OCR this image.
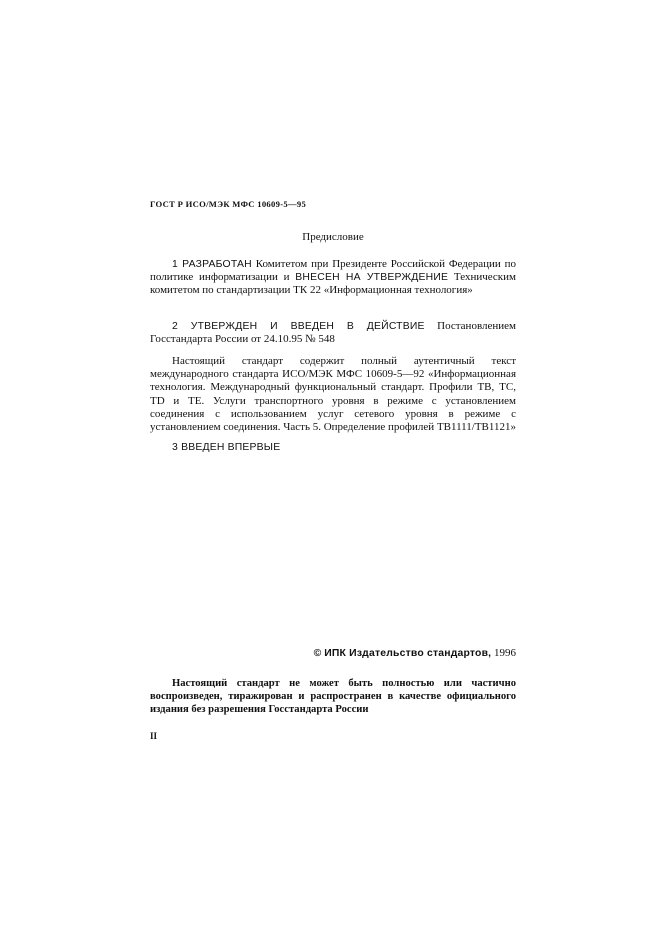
ГОСТ Р ИСО/МЭК МФС 10609-5—95
Предисловие

1 РАЗРАБОТАН Комитетом при Президенте Российской Федерации по политике информатизации и ВНЕСЕН НА УТВЕРЖДЕНИЕ Техническим комитетом по стандартизации ТК 22 «Информационная технология»

2 УТВЕРЖДЕН И ВВЕДЕН В ДЕЙСТВИЕ Постановлением Госстандарта России от 24.10.95 № 548

Настоящий стандарт содержит полный аутентичный текст международного стандарта ИСО/МЭК МФС 10609-5—92 «Информационная технология. Международный функциональный стандарт. Профили ТВ, ТС, TD и ТЕ. Услуги транспортного уровня в режиме с установлением соединения с использованием услуг сетевого уровня в режиме с установлением соединения. Часть 5. Определение профилей ТВ1111/ТВ1121»

3 ВВЕДЕН ВПЕРВЫЕ

© ИПК Издательство стандартов, 1996

Настоящий стандарт не может быть полностью или частично воспроизведен, тиражирован и распространен в качестве официального издания без разрешения Госстандарта России

II
